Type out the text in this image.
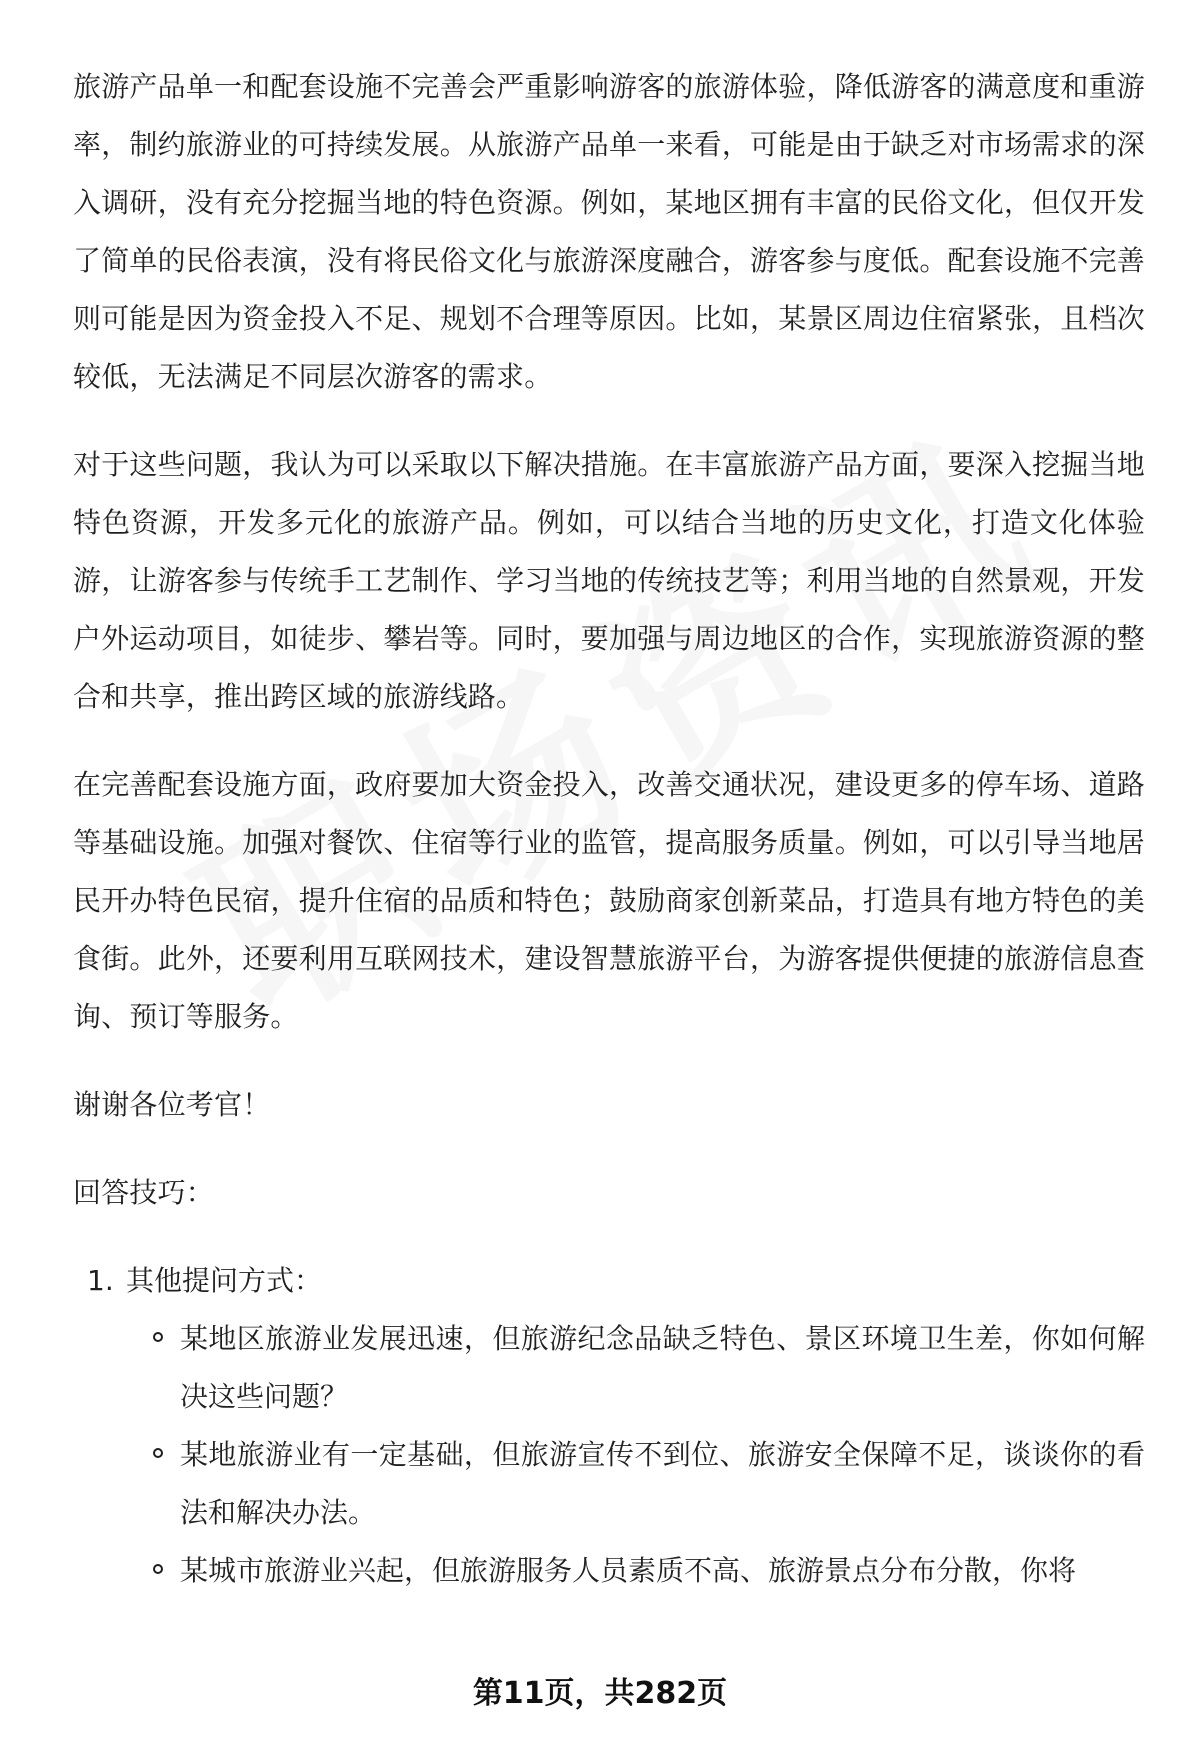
旅游产品单一和配套设施不完善会严重影响游客的旅游体验，降低游客的满意度和重游率，制约旅游业的可持续发展。从旅游产品单一来看，可能是由于缺乏对市场需求的深入调研，没有充分挖掘当地的特色资源。例如，某地区拥有丰富的民俗文化，但仅开发了简单的民俗表演，没有将民俗文化与旅游深度融合，游客参与度低。配套设施不完善则可能是因为资金投入不足、规划不合理等原因。比如，某景区周边住宿紧张，且档次较低，无法满足不同层次游客的需求。

对于这些问题，我认为可以采取以下解决措施。在丰富旅游产品方面，要深入挖掘当地特色资源，开发多元化的旅游产品。例如，可以结合当地的历史文化，打造文化体验游，让游客参与传统手工艺制作、学习当地的传统技艺等；利用当地的自然景观，开发户外运动项目，如徒步、攀岩等。同时，要加强与周边地区的合作，实现旅游资源的整合和共享，推出跨区域的旅游线路。

在完善配套设施方面，政府要加大资金投入，改善交通状况，建设更多的停车场、道路等基础设施。加强对餐饮、住宿等行业的监管，提高服务质量。例如，可以引导当地居民开办特色民宿，提升住宿的品质和特色；鼓励商家创新菜品，打造具有地方特色的美食街。此外，还要利用互联网技术，建设智慧旅游平台，为游客提供便捷的旅游信息查询、预订等服务。

谢谢各位考官！

回答技巧：

1. 其他提问方式：
某地区旅游业发展迅速，但旅游纪念品缺乏特色、景区环境卫生差，你如何解决这些问题？
某地旅游业有一定基础，但旅游宣传不到位、旅游安全保障不足，谈谈你的看法和解决办法。
某城市旅游业兴起，但旅游服务人员素质不高、旅游景点分布分散，你将
第11页，共282页
